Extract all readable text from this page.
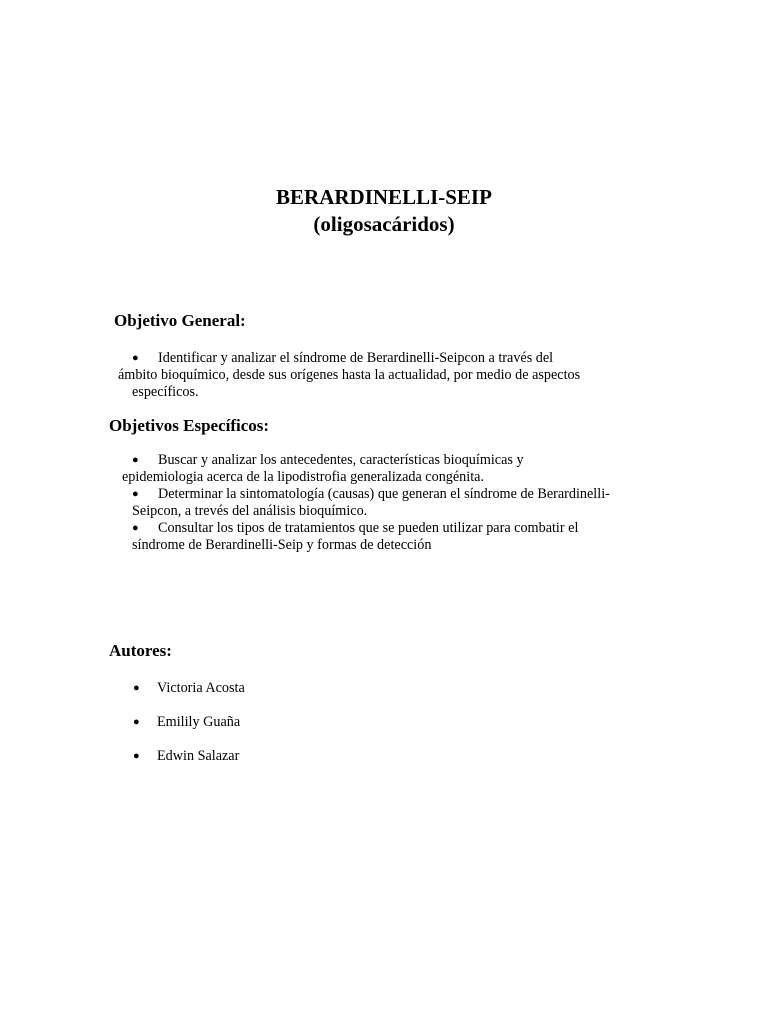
BERARDINELLI-SEIP
(oligosacáridos)
Objetivo General:
● Identificar y analizar el síndrome de Berardinelli-Seipcon a través del
ámbito bioquímico, desde sus orígenes hasta la actualidad, por medio de aspectos
específicos.
Objetivos Específicos:
● Buscar y analizar los antecedentes, características bioquímicas y
epidemiologia acerca de la lipodistrofia generalizada congénita.
● Determinar la sintomatología (causas) que generan el síndrome de Berardinelli-
Seipcon, a trevés del análisis bioquímico.
● Consultar los tipos de tratamientos que se pueden utilizar para combatir el
síndrome de Berardinelli-Seip y formas de detección
Autores:
● Victoria Acosta
● Emilily Guaña
● Edwin Salazar
